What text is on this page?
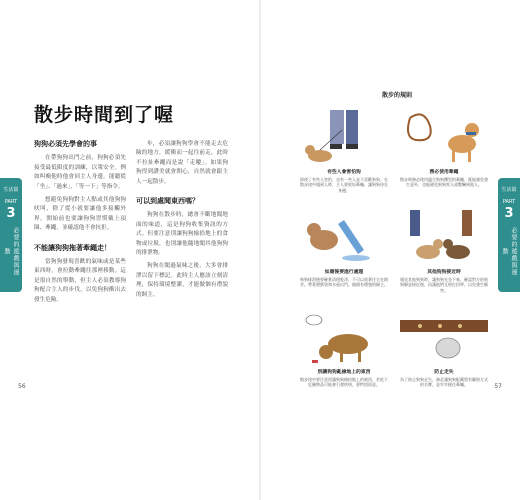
生活篇
PART
3
必要的遊戲與運動
散步時間到了喔
狗狗必須先學會的事

在帶狗狗出門之前，狗狗必須先接受最低限度的訓練，以策安全。例如叫喚他時他會回主人身邊，能聽從「坐」、「過來」、「等一下」等指令。

想避免狗狗對主人點或其他狗狗吠叫，除了從小就要讓他多接觸外界，開始前也要讓狗狗習慣戴上項圈、牽繩，並確認他不會抗拒。

不能讓狗狗拖著牽繩走！

當狗狗發現喜歡的氣味或是某些東西時，會拉動牽繩往那裡移動。這是很自然的舉動，但主人必須教導狗狗配合主人的步伐，以免狗狗衝出去發生危險。

步，必須讓狗狗學會不能走去危險的地方，緩衝而一起往前走，此時不拉扯牽繩而是說「走嘍」。如果狗狗得到讚美就會開心，自然就會跟主人一起散步。

可以到處聞東西嗎？

狗狗在散步時，總會不斷地聞地面的味道，這是狗狗收集資訊的方式。但要注意別讓狗狗撿拾地上的食物或垃圾，也別讓他隨地聞其他狗狗的排泄物。

狗狗在聞過氣味之後，大多會排泄以留下標記。此時主人應該立刻清理，保持環境整潔，才能做個有禮貌的飼主。

56
生活篇
PART
3
必要的遊戲與運動
57
散步的規則
有些人會害怕狗
即使了有些人害怕，也有一些人並不喜歡狗狗。在散步途中遇到人時，主人要收短牽繩，讓狗狗待在身邊。
務必使用牽繩
散步時務必使用適合狗狗體型的牽繩，既能避免發生意外，也能避免狗狗咬人或驚嚇到他人。
如廁後要進行處理
狗狗排泄後要確實清理乾淨，不可以放著任它在路旁。帶著塑膠袋和水壺出門，做個有禮貌的飼主。
其他狗狗接近時
遇見其他狗狗時，讓狗狗先坐下來，確認對方的狗狗願意接近後，再讓他們互相打招呼，以免發生衝突。
別讓狗狗亂撿地上的東西
散步途中要注意別讓狗狗撿拾地上的東西，若吃下危險物品可能會引發疾病，要特別留意。
防止走失
為了防止狗狗走失，務必讓狗狗配戴寫有聯絡方式的名牌，並牢牢握住牽繩。
